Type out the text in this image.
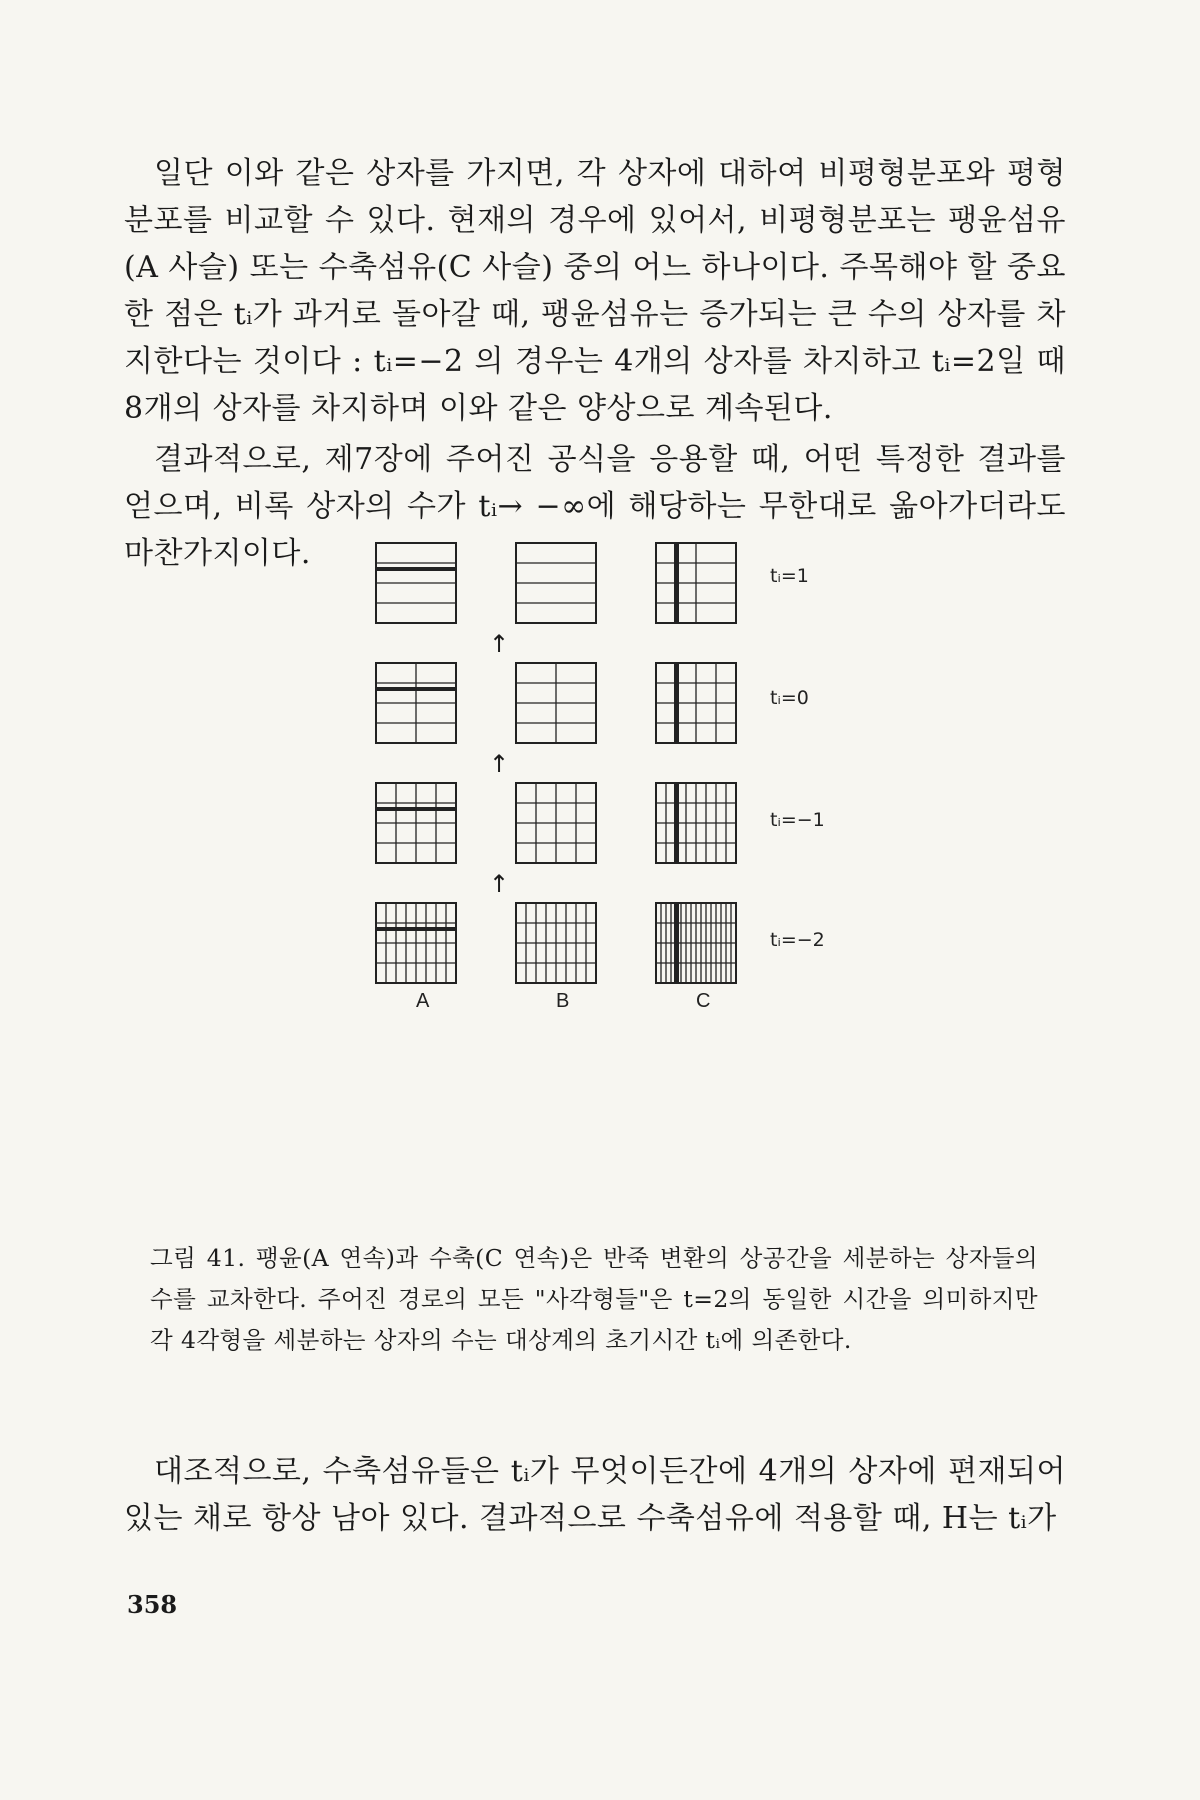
일단 이와 같은 상자를 가지면, 각 상자에 대하여 비평형분포와 평형분포를 비교할 수 있다. 현재의 경우에 있어서, 비평형분포는 팽윤섬유(A 사슬) 또는 수축섬유(C 사슬) 중의 어느 하나이다. 주목해야 할 중요한 점은 tᵢ가 과거로 돌아갈 때, 팽윤섬유는 증가되는 큰 수의 상자를 차지한다는 것이다 : tᵢ=−2 의 경우는 4개의 상자를 차지하고 tᵢ=2일 때 8개의 상자를 차지하며 이와 같은 양상으로 계속된다.

결과적으로, 제7장에 주어진 공식을 응용할 때, 어떤 특정한 결과를 얻으며, 비록 상자의 수가 tᵢ→ −∞에 해당하는 무한대로 옮아가더라도 마찬가지이다.

↑
↑
↑
tᵢ=1
tᵢ=0
tᵢ=−1
tᵢ=−2
A	B	C
그림 41. 팽윤(A 연속)과 수축(C 연속)은 반죽 변환의 상공간을 세분하는 상자들의 수를 교차한다. 주어진 경로의 모든 "사각형들"은 t=2의 동일한 시간을 의미하지만 각 4각형을 세분하는 상자의 수는 대상계의 초기시간 tᵢ에 의존한다.

대조적으로, 수축섬유들은 tᵢ가 무엇이든간에 4개의 상자에 편재되어 있는 채로 항상 남아 있다. 결과적으로 수축섬유에 적용할 때, H는 tᵢ가

358
